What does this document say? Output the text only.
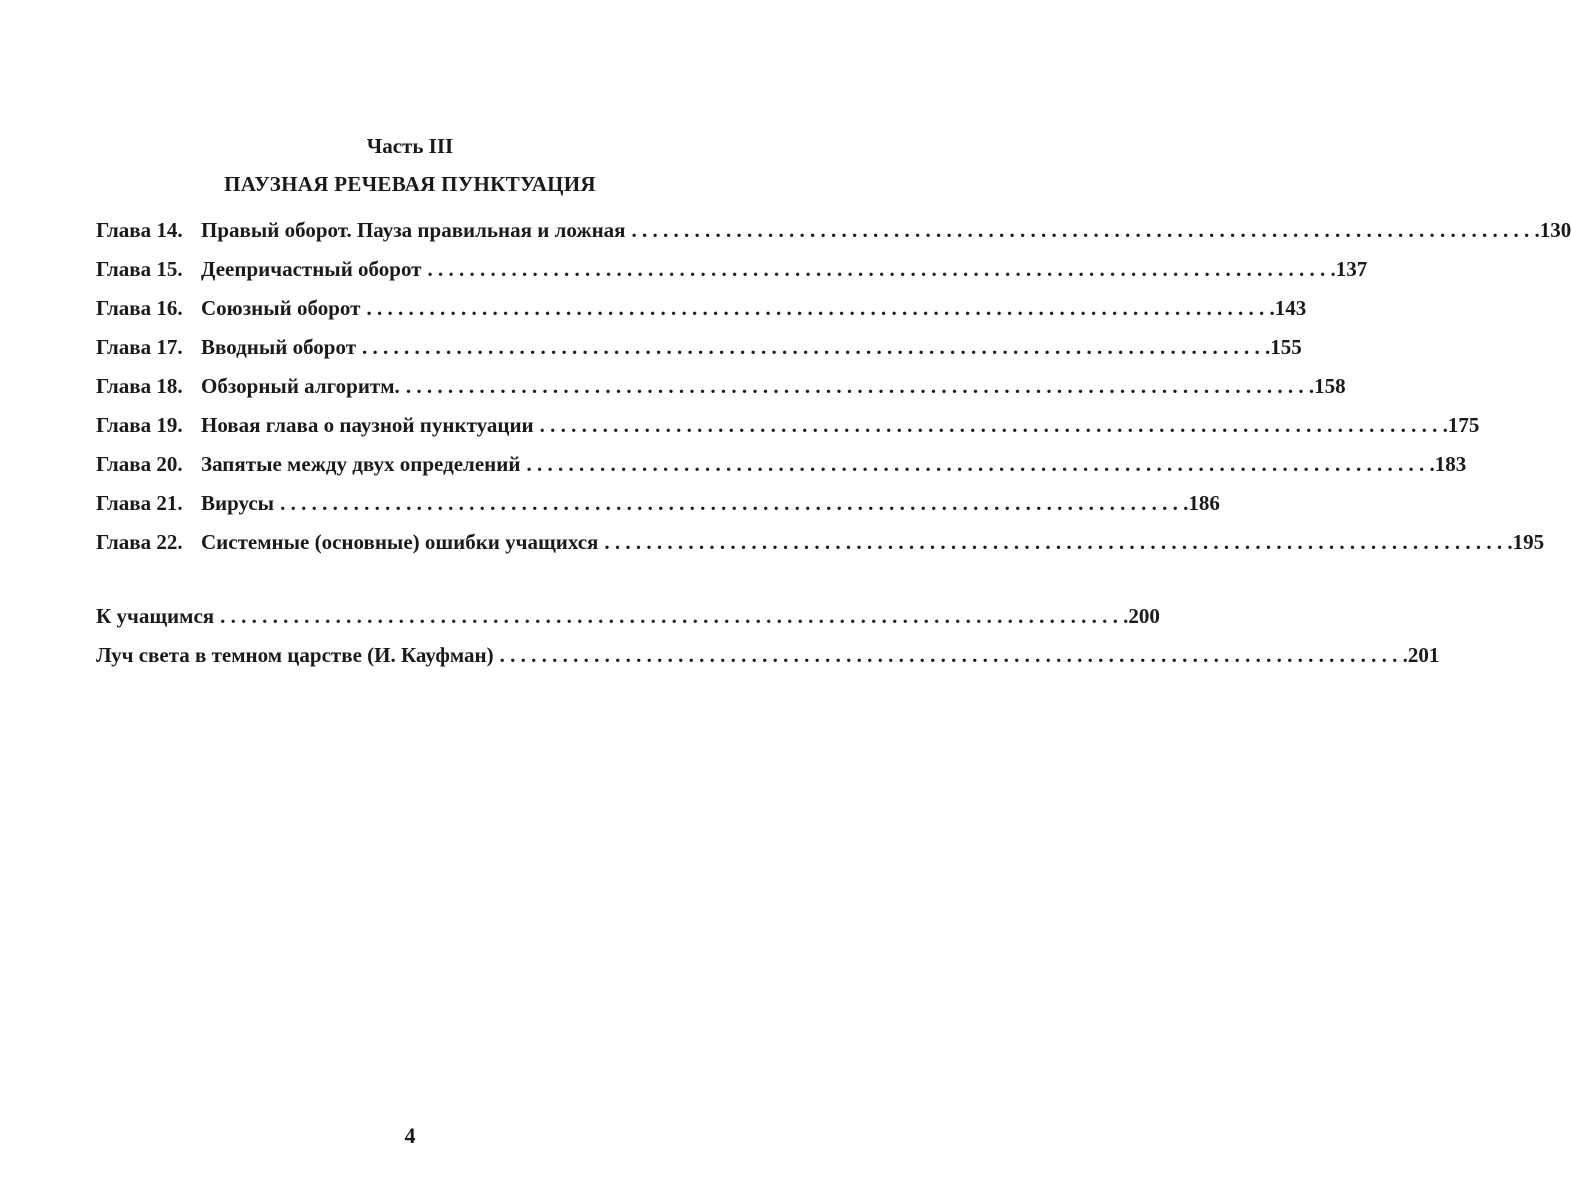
Часть III
ПАУЗНАЯ РЕЧЕВАЯ ПУНКТУАЦИЯ
Глава 14. Правый оборот. Пауза правильная и ложная . . .	130
Глава 15. Деепричастный оборот . . .	137
Глава 16. Союзный оборот . . .	143
Глава 17. Вводный оборот . . .	155
Глава 18. Обзорный алгоритм. . . .	158
Глава 19. Новая глава о паузной пунктуации . . .	175
Глава 20. Запятые между двух определений . . .	183
Глава 21. Вирусы . . .	186
Глава 22. Системные (основные) ошибки учащихся . . .	195
К учащимся . . .	200
Луч света в темном царстве (И. Кауфман) . . .	201
4
